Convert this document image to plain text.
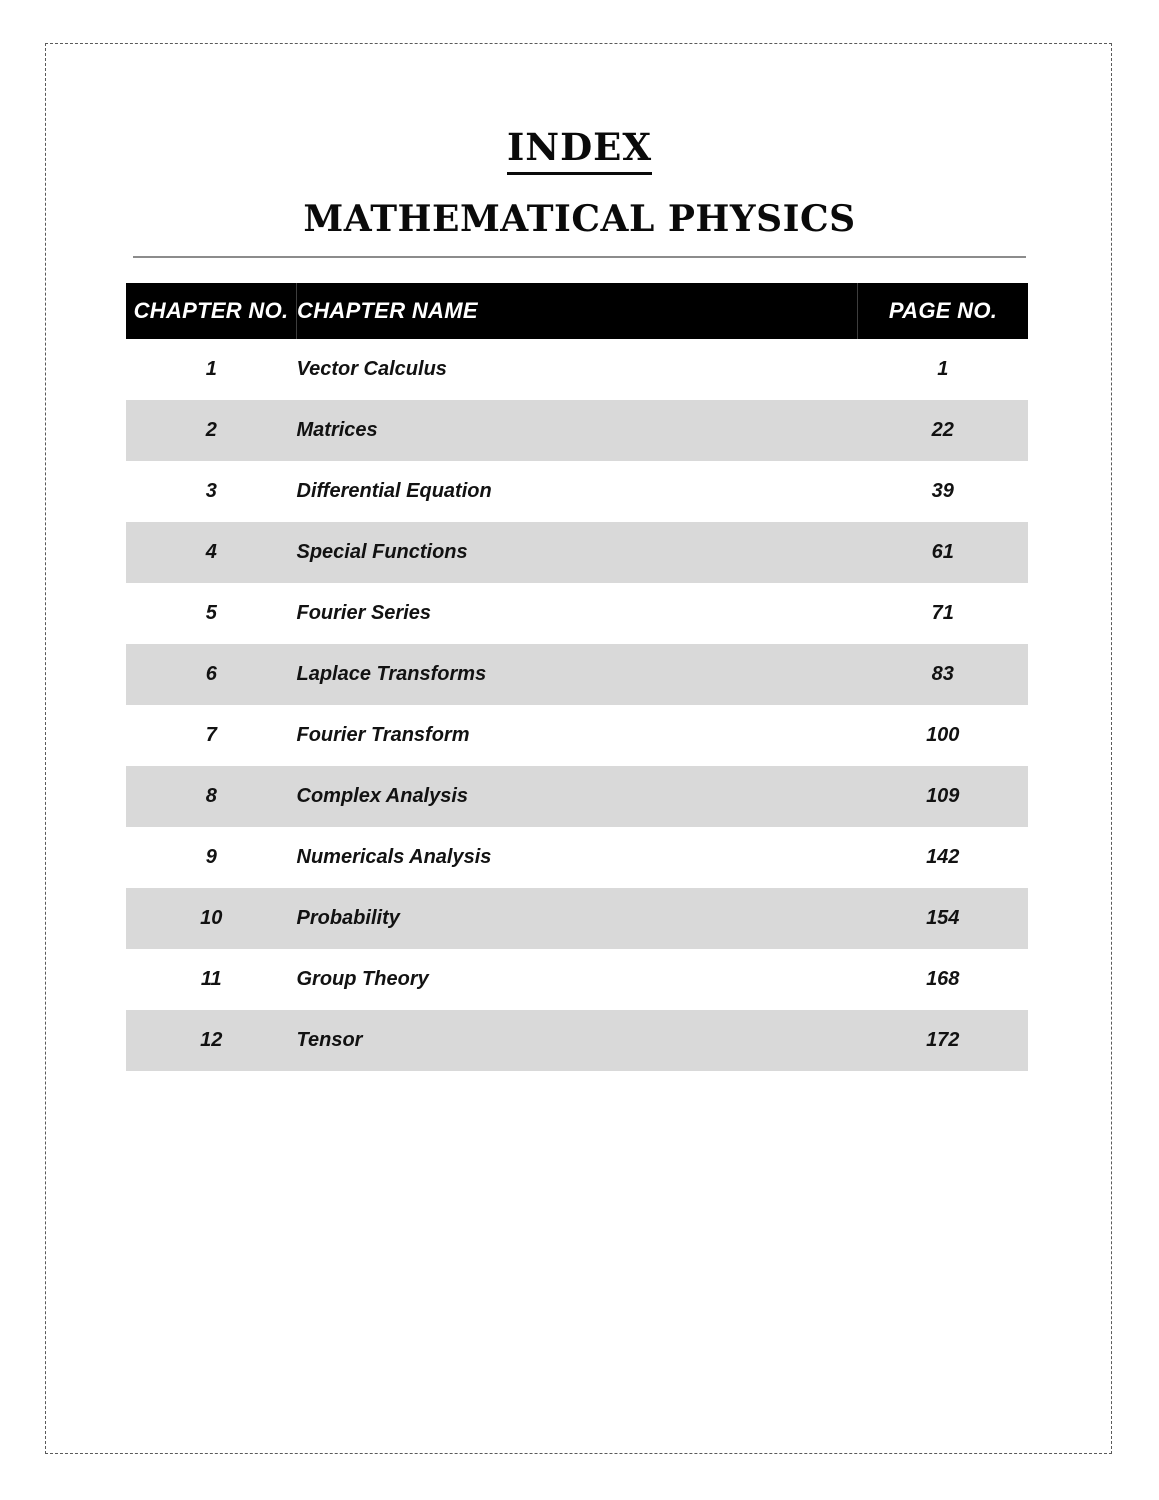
INDEX
MATHEMATICAL PHYSICS
CHAPTER NO.	CHAPTER NAME	PAGE NO.
1	Vector Calculus	1
2	Matrices	22
3	Differential Equation	39
4	Special Functions	61
5	Fourier Series	71
6	Laplace Transforms	83
7	Fourier Transform	100
8	Complex Analysis	109
9	Numericals Analysis	142
10	Probability	154
11	Group Theory	168
12	Tensor	172
